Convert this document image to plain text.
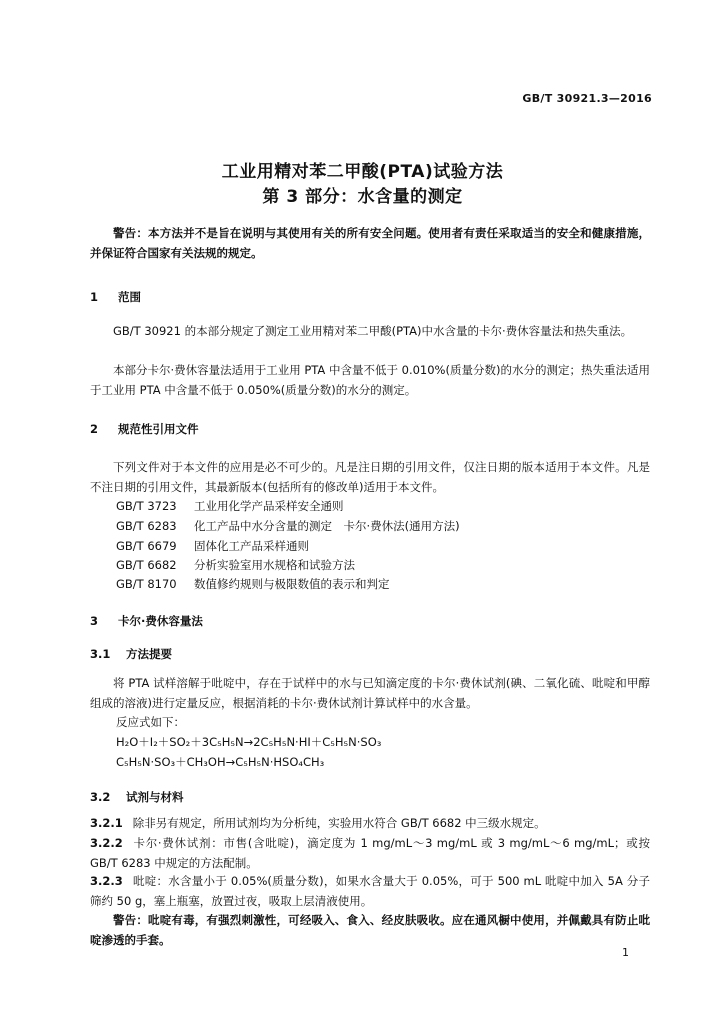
GB/T 30921.3—2016
工业用精对苯二甲酸(PTA)试验方法
第 3 部分：水含量的测定
警告：本方法并不是旨在说明与其使用有关的所有安全问题。使用者有责任采取适当的安全和健康措施，并保证符合国家有关法规的规定。
1 范围
GB/T 30921 的本部分规定了测定工业用精对苯二甲酸(PTA)中水含量的卡尔·费休容量法和热失重法。
本部分卡尔·费休容量法适用于工业用 PTA 中含量不低于 0.010%(质量分数)的水分的测定；热失重法适用于工业用 PTA 中含量不低于 0.050%(质量分数)的水分的测定。
2 规范性引用文件
下列文件对于本文件的应用是必不可少的。凡是注日期的引用文件，仅注日期的版本适用于本文件。凡是不注日期的引用文件，其最新版本(包括所有的修改单)适用于本文件。
GB/T 3723 工业用化学产品采样安全通则
GB/T 6283 化工产品中水分含量的测定　卡尔·费休法(通用方法)
GB/T 6679 固体化工产品采样通则
GB/T 6682 分析实验室用水规格和试验方法
GB/T 8170 数值修约规则与极限数值的表示和判定
3 卡尔·费休容量法
3.1 方法提要
将 PTA 试样溶解于吡啶中，存在于试样中的水与已知滴定度的卡尔·费休试剂(碘、二氧化硫、吡啶和甲醇组成的溶液)进行定量反应，根据消耗的卡尔·费休试剂计算试样中的水含量。
反应式如下：
H₂O＋I₂＋SO₂＋3C₅H₅N→2C₅H₅N·HI＋C₅H₅N·SO₃
C₅H₅N·SO₃＋CH₃OH→C₅H₅N·HSO₄CH₃
3.2 试剂与材料
3.2.1 除非另有规定，所用试剂均为分析纯，实验用水符合 GB/T 6682 中三级水规定。
3.2.2 卡尔·费休试剂：市售(含吡啶)，滴定度为 1 mg/mL～3 mg/mL 或 3 mg/mL～6 mg/mL；或按 GB/T 6283 中规定的方法配制。
3.2.3 吡啶：水含量小于 0.05%(质量分数)，如果水含量大于 0.05%，可于 500 mL 吡啶中加入 5A 分子筛约 50 g，塞上瓶塞，放置过夜，吸取上层清液使用。
警告：吡啶有毒，有强烈刺激性，可经吸入、食入、经皮肤吸收。应在通风橱中使用，并佩戴具有防止吡啶渗透的手套。
1
